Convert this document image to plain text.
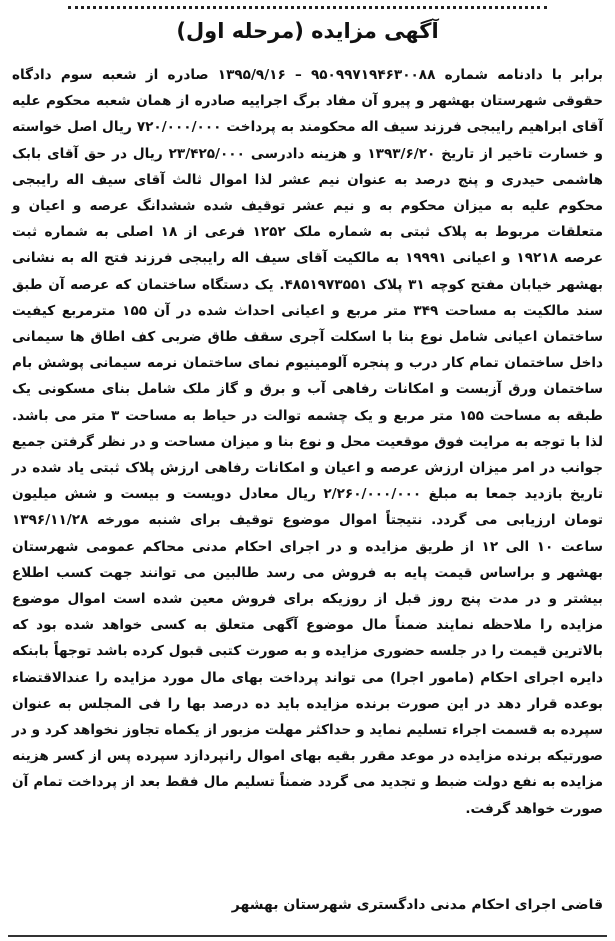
آگهی مزایده (مرحله اول)

برابر با دادنامه شماره ۹۵۰۹۹۷۱۹۴۶۳۰۰۸۸ – ۱۳۹۵/۹/۱۶ صادره از شعبه سوم دادگاه حقوقی شهرستان بهشهر و پیرو آن مفاد برگ اجراییه صادره از همان شعبه محکوم علیه آقای ابراهیم رایبجی فرزند سیف اله محکومند به پرداخت ۷۲۰/۰۰۰/۰۰۰ ریال اصل خواسته و خسارت تاخیر از تاریخ ۱۳۹۳/۶/۲۰ و هزینه دادرسی ۲۳/۴۲۵/۰۰۰ ریال در حق آقای بابک هاشمی حیدری و پنج درصد به عنوان نیم عشر لذا اموال ثالث آقای سیف اله رایبجی محکوم علیه به میزان محکوم به و نیم عشر توقیف شده ششدانگ عرصه و اعیان و متعلقات مربوط به پلاک ثبتی به شماره ملک ۱۲۵۲ فرعی از ۱۸ اصلی به شماره ثبت عرصه ۱۹۲۱۸ و اعیانی ۱۹۹۹۱ به مالکیت آقای سیف اله رایبجی فرزند فتح اله به نشانی بهشهر خیابان مفتح کوچه ۳۱ پلاک ۴۸۵۱۹۷۳۵۵۱. یک دستگاه ساختمان که عرصه آن طبق سند مالکیت به مساحت ۳۴۹ متر مربع و اعیانی احداث شده در آن ۱۵۵ مترمربع کیفیت ساختمان اعیانی شامل نوع بنا با اسکلت آجری سقف طاق ضربی کف اطاق ها سیمانی داخل ساختمان تمام کار درب و پنجره آلومینیوم نمای ساختمان نرمه سیمانی پوشش بام ساختمان ورق آزبست و امکانات رفاهی آب و برق و گاز ملک شامل بنای مسکونی یک طبقه به مساحت ۱۵۵ متر مربع و یک چشمه توالت در حیاط به مساحت ۳ متر می باشد. لذا با توجه به مرایت فوق موقعیت محل و نوع بنا و میزان مساحت و در نظر گرفتن جمیع جوانب در امر میزان ارزش عرصه و اعیان و امکانات رفاهی ارزش پلاک ثبتی یاد شده در تاریخ بازدید جمعا به مبلغ ۲/۲۶۰/۰۰۰/۰۰۰ ریال معادل دویست و بیست و شش میلیون تومان ارزیابی می گردد. نتیجتاً اموال موضوع توقیف برای شنبه مورخه ۱۳۹۶/۱۱/۲۸ ساعت ۱۰ الی ۱۲ از طریق مزایده و در اجرای احکام مدنی محاکم عمومی شهرستان بهشهر و براساس قیمت پایه به فروش می رسد طالبین می توانند جهت کسب اطلاع بیشتر و در مدت پنج روز قبل از روزیکه برای فروش معین شده است اموال موضوع مزایده را ملاحظه نمایند ضمناً مال موضوع آگهی متعلق به کسی خواهد شده بود که بالاترین قیمت را در جلسه حضوری مزایده و به صورت کتبی قبول کرده باشد توجهاً بابنکه دایره اجرای احکام (مامور اجرا) می تواند پرداخت بهای مال مورد مزایده را عندالاقتضاء بوعده قرار دهد در این صورت برنده مزایده باید ده درصد بها را فی المجلس به عنوان سپرده به قسمت اجراء تسلیم نماید و حداکثر مهلت مزبور از یکماه تجاوز نخواهد کرد و در صورتیکه برنده مزایده در موعد مقرر بقیه بهای اموال رانپردازد سپرده پس از کسر هزینه مزایده به نفع دولت ضبط و تجدید می گردد ضمناً تسلیم مال فقط بعد از پرداخت تمام آن صورت خواهد گرفت.

قاضی اجرای احکام مدنی دادگستری شهرستان بهشهر
